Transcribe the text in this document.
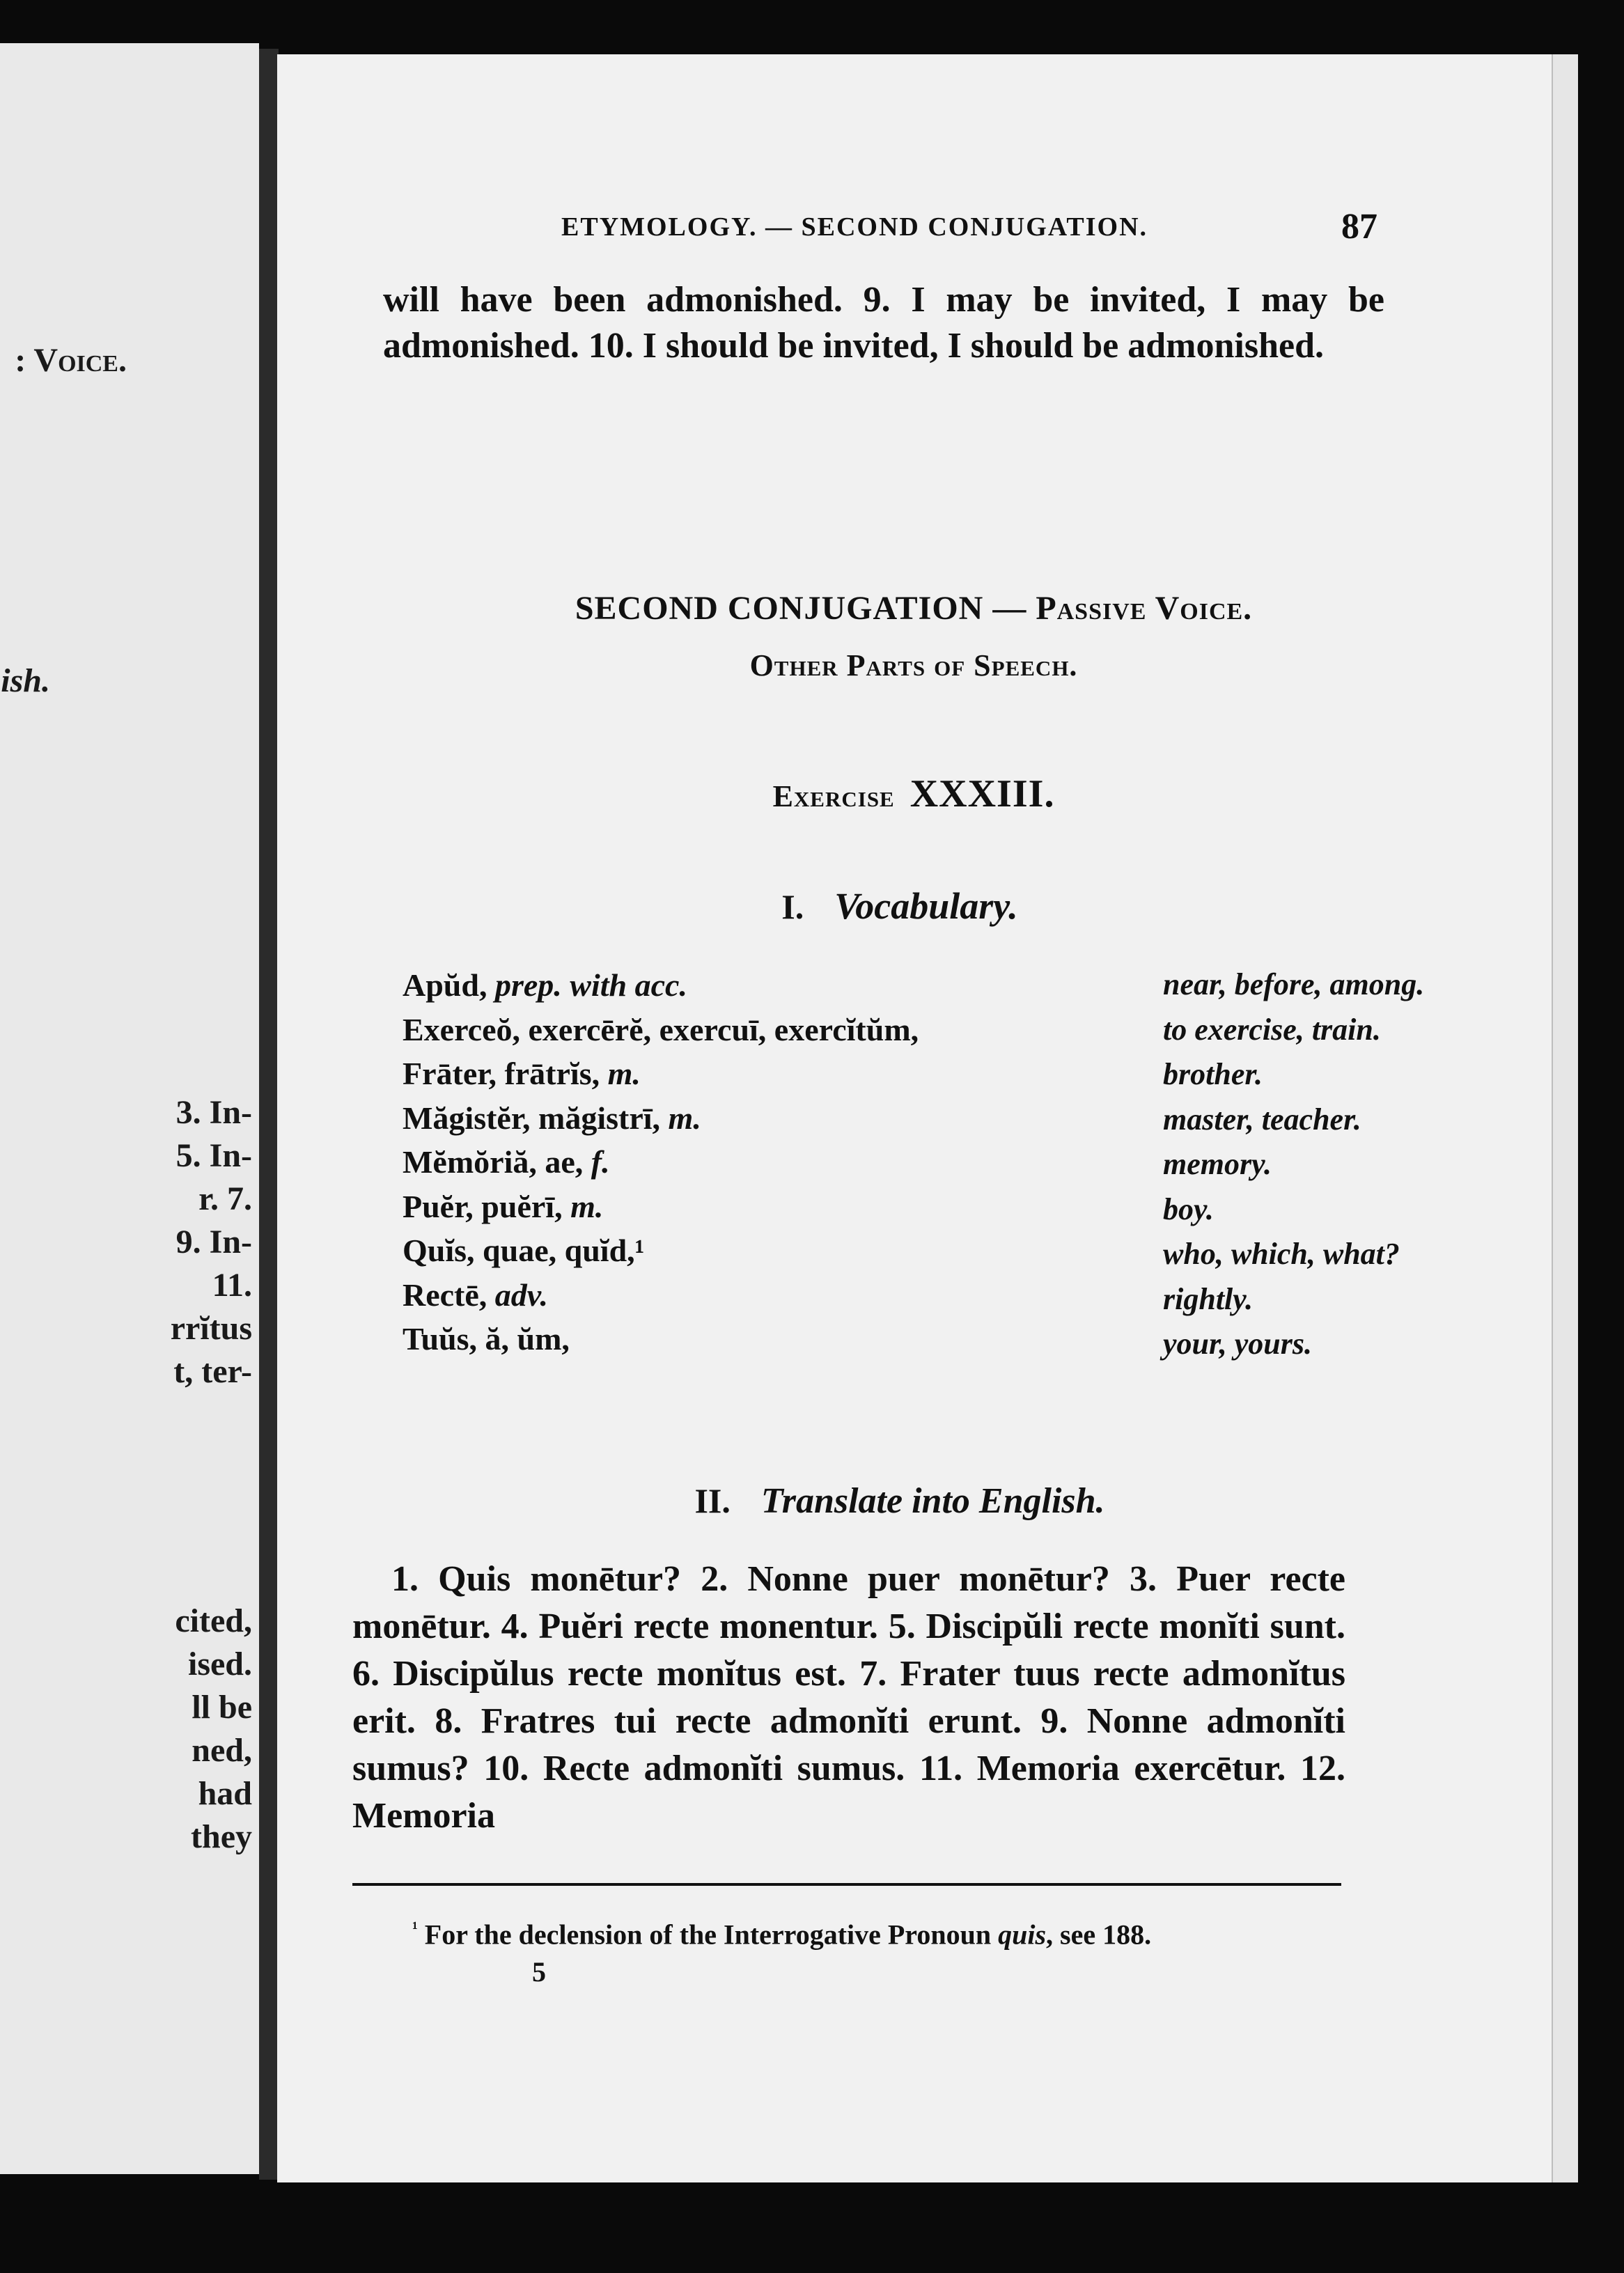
: Voice.
ish.
3. In-
5. In-
r. 7.
9. In-
11.
rrĭtus
t, ter-
cited,
ised.
ll be
ned,
had
they

ETYMOLOGY. — SECOND CONJUGATION.	87
will have been admonished. 9. I may be invited, I may be admonished. 10. I should be invited, I should be admonished.
SECOND CONJUGATION — Passive Voice.
Other Parts of Speech.
Exercise XXXIII.
I. Vocabulary.
Apŭd, prep. with acc.	near, before, among.
Exerceŏ, exercērĕ, exercuī, exercĭtŭm,	to exercise, train.
Frāter, frātrĭs, m.	brother.
Măgistĕr, măgistrī, m.	master, teacher.
Mĕmŏriă, ae, f.	memory.
Puĕr, puĕrī, m.	boy.
Quĭs, quae, quĭd,¹	who, which, what?
Rectē, adv.	rightly.
Tuŭs, ă, ŭm,	your, yours.
II. Translate into English.
1. Quis monētur? 2. Nonne puer monētur? 3. Puer recte monētur. 4. Puĕri recte monentur. 5. Discipŭli recte monĭti sunt. 6. Discipŭlus recte monĭtus est. 7. Frater tuus recte admonĭtus erit. 8. Fratres tui recte admonĭti erunt. 9. Nonne admonĭti sumus? 10. Recte admonĭti sumus. 11. Memoria exercētur. 12. Memoria
$^{^1}$ For the declension of the Interrogative Pronoun quis, see 188.
5
